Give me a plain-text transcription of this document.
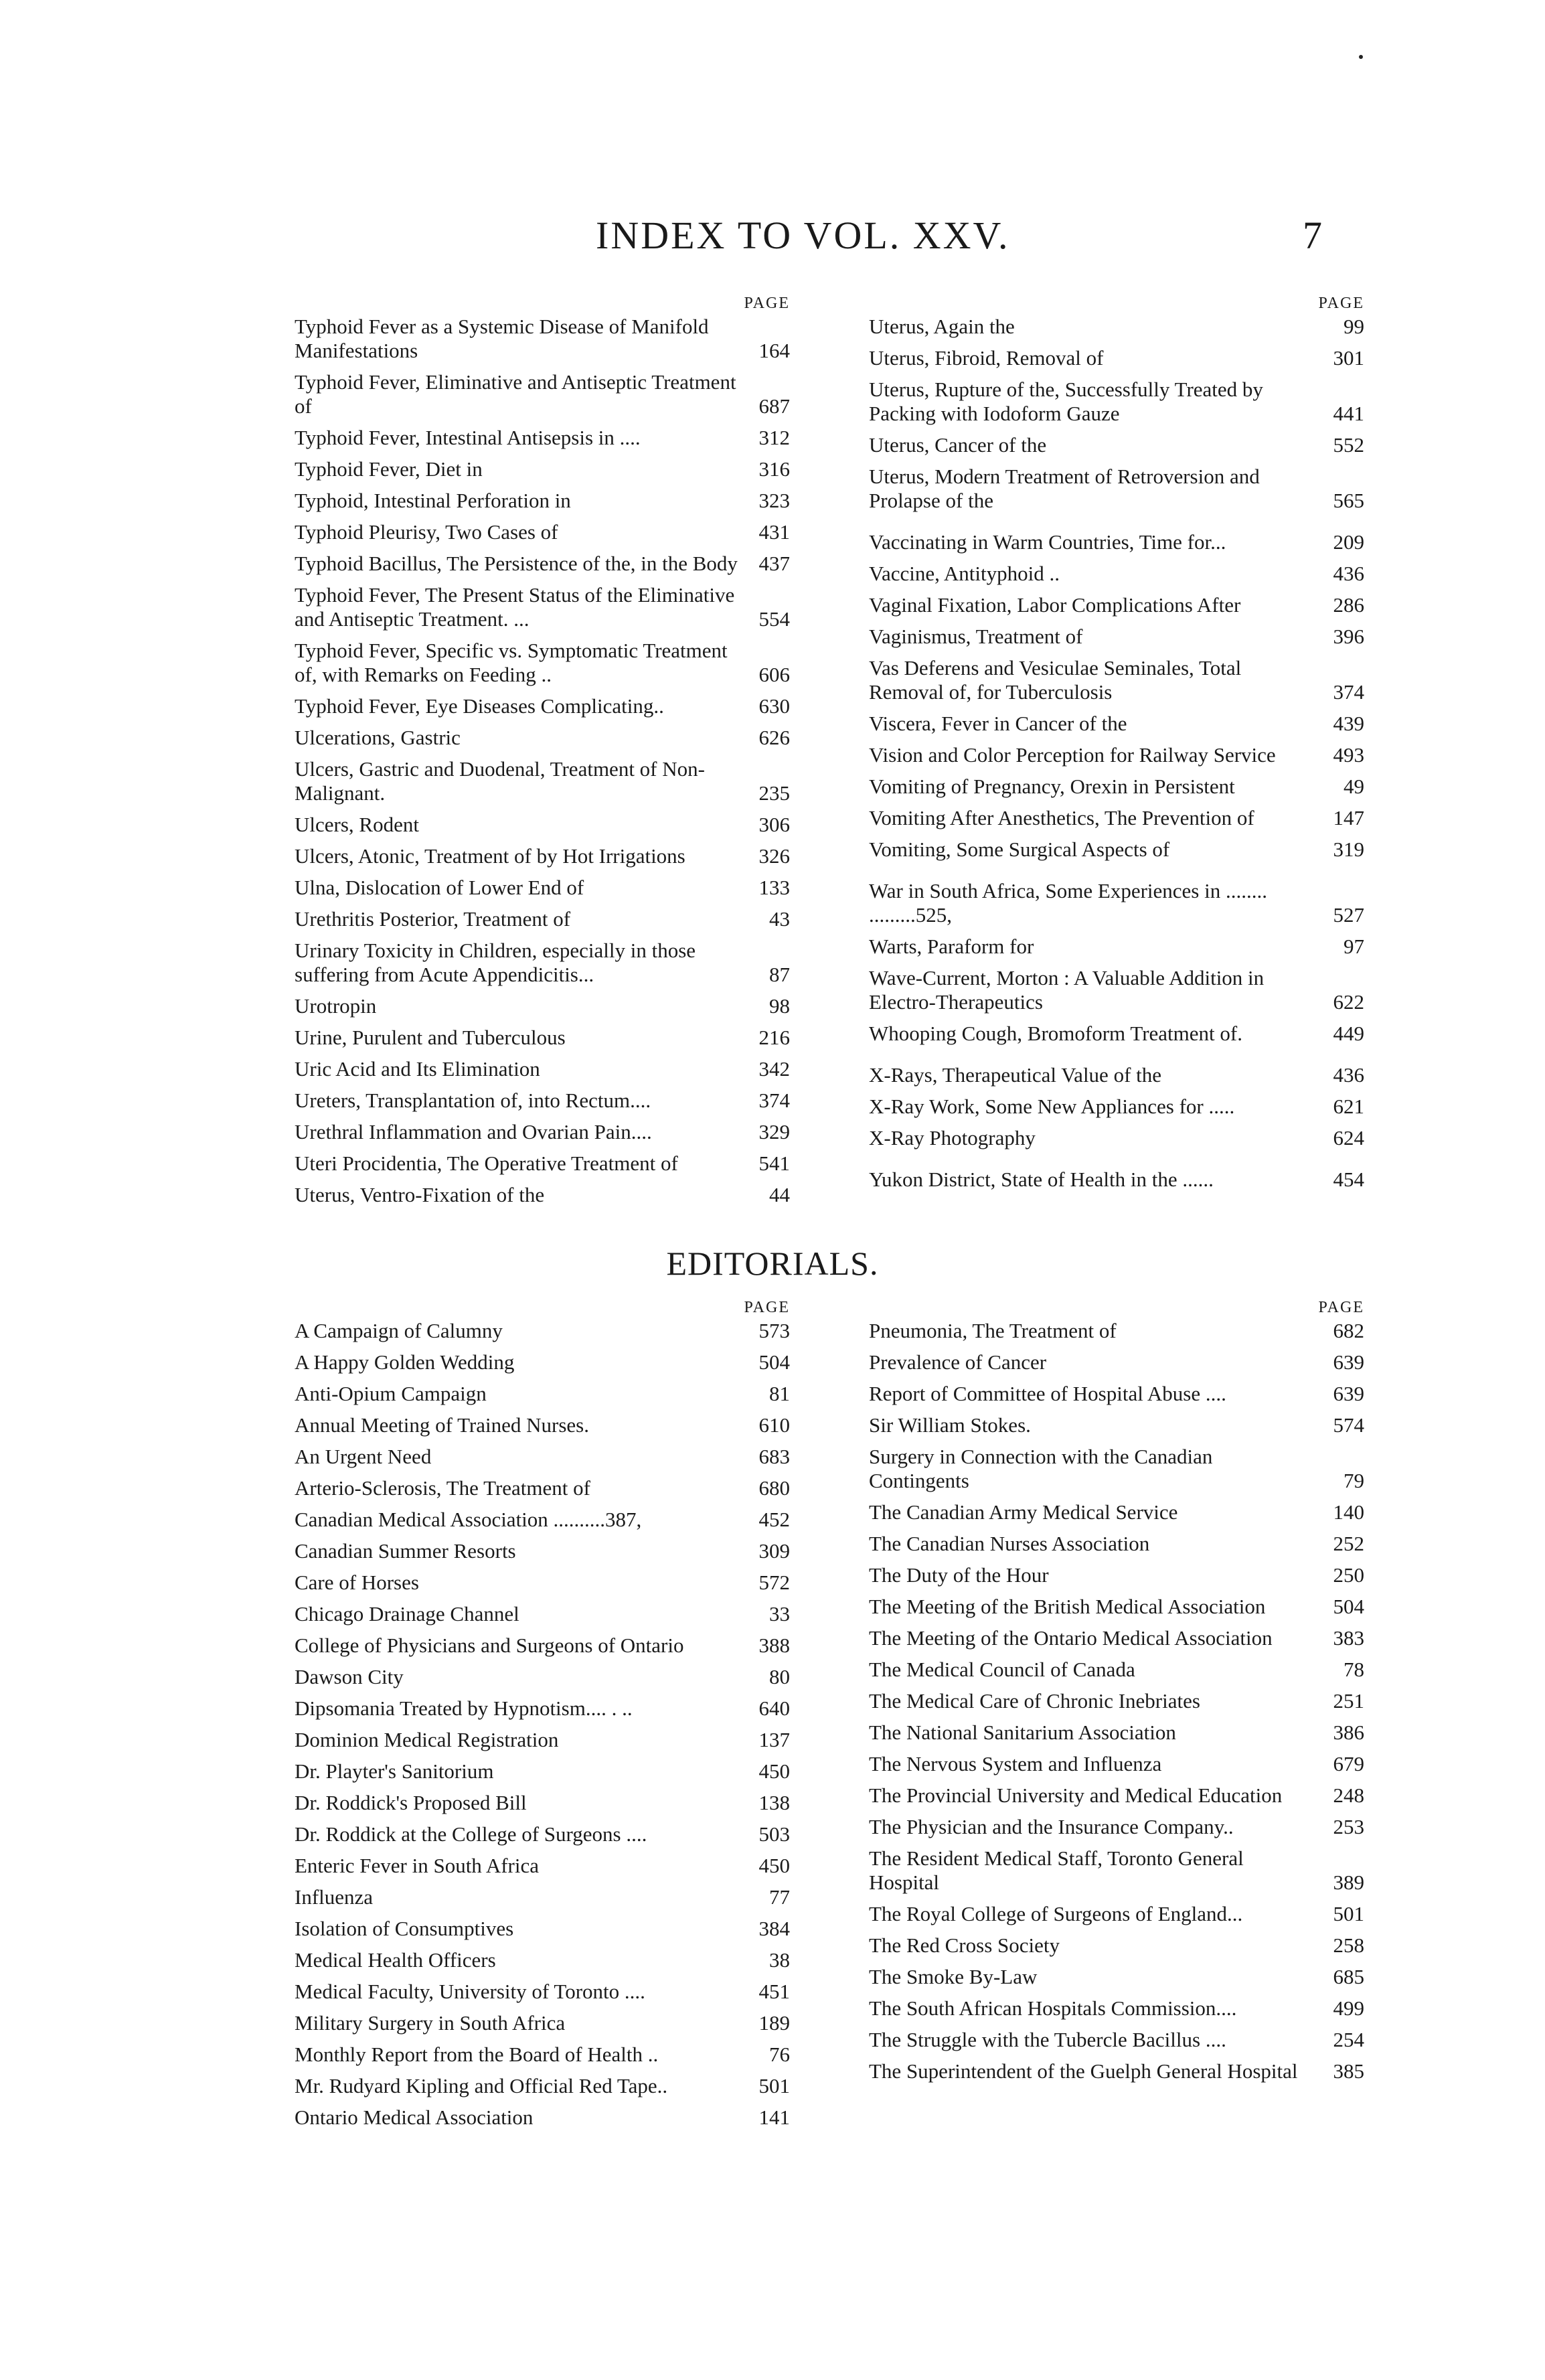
INDEX TO VOL. XXV.	7
PAGE
Typhoid Fever as a Systemic Disease of Manifold Manifestations	164
Typhoid Fever, Eliminative and Antiseptic Treatment of	687
Typhoid Fever, Intestinal Antisepsis in ....	312
Typhoid Fever, Diet in	316
Typhoid, Intestinal Perforation in	323
Typhoid Pleurisy, Two Cases of	431
Typhoid Bacillus, The Persistence of the, in the Body	437
Typhoid Fever, The Present Status of the Eliminative and Antiseptic Treatment. ...	554
Typhoid Fever, Specific vs. Symptomatic Treatment of, with Remarks on Feeding ..	606
Typhoid Fever, Eye Diseases Complicating..	630
Ulcerations, Gastric	626
Ulcers, Gastric and Duodenal, Treatment of Non-Malignant.	235
Ulcers, Rodent	306
Ulcers, Atonic, Treatment of by Hot Irrigations	326
Ulna, Dislocation of Lower End of	133
Urethritis Posterior, Treatment of	43
Urinary Toxicity in Children, especially in those suffering from Acute Appendicitis...	87
Urotropin	98
Urine, Purulent and Tuberculous	216
Uric Acid and Its Elimination	342
Ureters, Transplantation of, into Rectum....	374
Urethral Inflammation and Ovarian Pain....	329
Uteri Procidentia, The Operative Treatment of	541
Uterus, Ventro-Fixation of the	44
PAGE
Uterus, Again the	99
Uterus, Fibroid, Removal of	301
Uterus, Rupture of the, Successfully Treated by Packing with Iodoform Gauze	441
Uterus, Cancer of the	552
Uterus, Modern Treatment of Retroversion and Prolapse of the	565
Vaccinating in Warm Countries, Time for...	209
Vaccine, Antityphoid ..	436
Vaginal Fixation, Labor Complications After	286
Vaginismus, Treatment of	396
Vas Deferens and Vesiculae Seminales, Total Removal of, for Tuberculosis	374
Viscera, Fever in Cancer of the	439
Vision and Color Perception for Railway Service	493
Vomiting of Pregnancy, Orexin in Persistent	49
Vomiting After Anesthetics, The Prevention of	147
Vomiting, Some Surgical Aspects of	319
War in South Africa, Some Experiences in ........ .........525,	527
Warts, Paraform for	97
Wave-Current, Morton : A Valuable Addition in Electro-Therapeutics	622
Whooping Cough, Bromoform Treatment of.	449
X-Rays, Therapeutical Value of the	436
X-Ray Work, Some New Appliances for .....	621
X-Ray Photography	624
Yukon District, State of Health in the ......	454
EDITORIALS.
PAGE
A Campaign of Calumny	573
A Happy Golden Wedding	504
Anti-Opium Campaign	81
Annual Meeting of Trained Nurses.	610
An Urgent Need	683
Arterio-Sclerosis, The Treatment of	680
Canadian Medical Association ..........387,	452
Canadian Summer Resorts	309
Care of Horses	572
Chicago Drainage Channel	33
College of Physicians and Surgeons of Ontario	388
Dawson City	80
Dipsomania Treated by Hypnotism.... . ..	640
Dominion Medical Registration	137
Dr. Playter's Sanitorium	450
Dr. Roddick's Proposed Bill	138
Dr. Roddick at the College of Surgeons ....	503
Enteric Fever in South Africa	450
Influenza	77
Isolation of Consumptives	384
Medical Health Officers	38
Medical Faculty, University of Toronto ....	451
Military Surgery in South Africa	189
Monthly Report from the Board of Health ..	76
Mr. Rudyard Kipling and Official Red Tape..	501
Ontario Medical Association	141
PAGE
Pneumonia, The Treatment of	682
Prevalence of Cancer	639
Report of Committee of Hospital Abuse ....	639
Sir William Stokes.	574
Surgery in Connection with the Canadian Contingents	79
The Canadian Army Medical Service	140
The Canadian Nurses Association	252
The Duty of the Hour	250
The Meeting of the British Medical Association	504
The Meeting of the Ontario Medical Association	383
The Medical Council of Canada	78
The Medical Care of Chronic Inebriates	251
The National Sanitarium Association	386
The Nervous System and Influenza	679
The Provincial University and Medical Education	248
The Physician and the Insurance Company..	253
The Resident Medical Staff, Toronto General Hospital	389
The Royal College of Surgeons of England...	501
The Red Cross Society	258
The Smoke By-Law	685
The South African Hospitals Commission....	499
The Struggle with the Tubercle Bacillus ....	254
The Superintendent of the Guelph General Hospital	385
